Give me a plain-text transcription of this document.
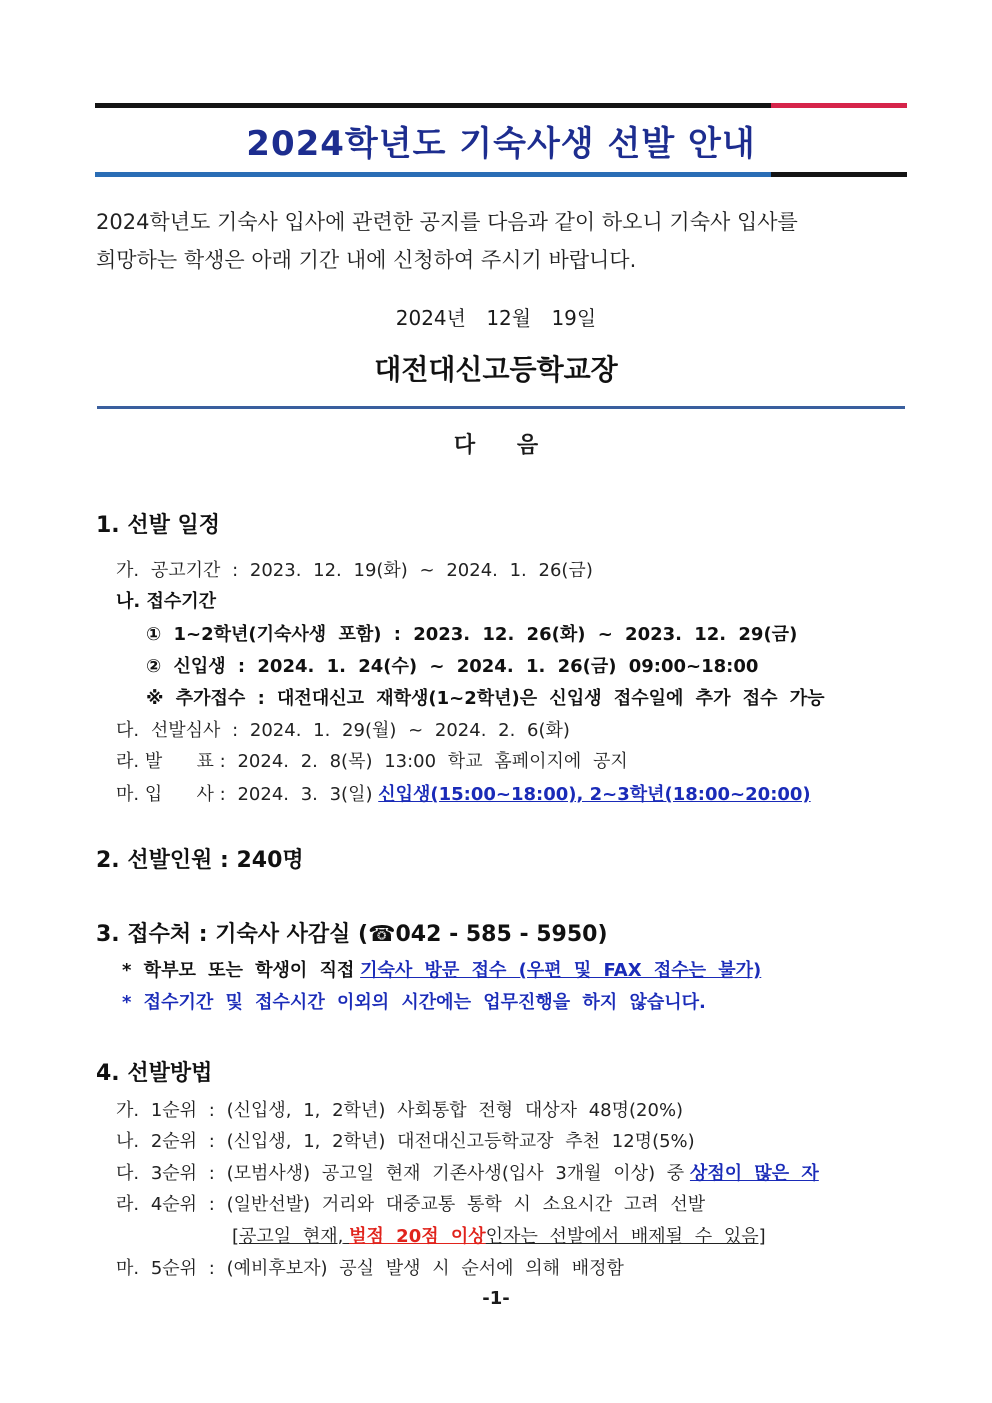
2024학년도 기숙사생 선발 안내
2024학년도 기숙사 입사에 관련한 공지를 다음과 같이 하오니 기숙사 입사를
희망하는 학생은 아래 기간 내에 신청하여 주시기 바랍니다.
2024년 12월 19일
대전대신고등학교장
다 음
1. 선발 일정
가. 공고기간 : 2023. 12. 19(화) ~ 2024. 1. 26(금)
나. 접수기간
① 1~2학년(기숙사생 포함) : 2023. 12. 26(화) ~ 2023. 12. 29(금)
② 신입생 : 2024. 1. 24(수) ~ 2024. 1. 26(금) 09:00~18:00
※ 추가접수 : 대전대신고 재학생(1~2학년)은 신입생 접수일에 추가 접수 가능
다. 선발심사 : 2024. 1. 29(월) ~ 2024. 2. 6(화)
라. 발      표 : 2024. 2. 8(목) 13:00 학교 홈페이지에 공지
마. 입      사 : 2024. 3. 3(일) 신입생(15:00~18:00), 2~3학년(18:00~20:00)
2. 선발인원 : 240명
3. 접수처 : 기숙사 사감실 (☎042 - 585 - 5950)
* 학부모 또는 학생이 직접 기숙사 방문 접수 (우편 및 FAX 접수는 불가)
* 접수기간 및 접수시간 이외의 시간에는 업무진행을 하지 않습니다.
4. 선발방법
가. 1순위 : (신입생, 1, 2학년) 사회통합 전형 대상자 48명(20%)
나. 2순위 : (신입생, 1, 2학년) 대전대신고등학교장 추천 12명(5%)
다. 3순위 : (모범사생) 공고일 현재 기존사생(입사 3개월 이상) 중 상점이 많은 자
라. 4순위 : (일반선발) 거리와 대중교통 통학 시 소요시간 고려 선발
[공고일 현재, 벌점 20점 이상인자는 선발에서 배제될 수 있음]
마. 5순위 : (예비후보자) 공실 발생 시 순서에 의해 배정함
-1-
